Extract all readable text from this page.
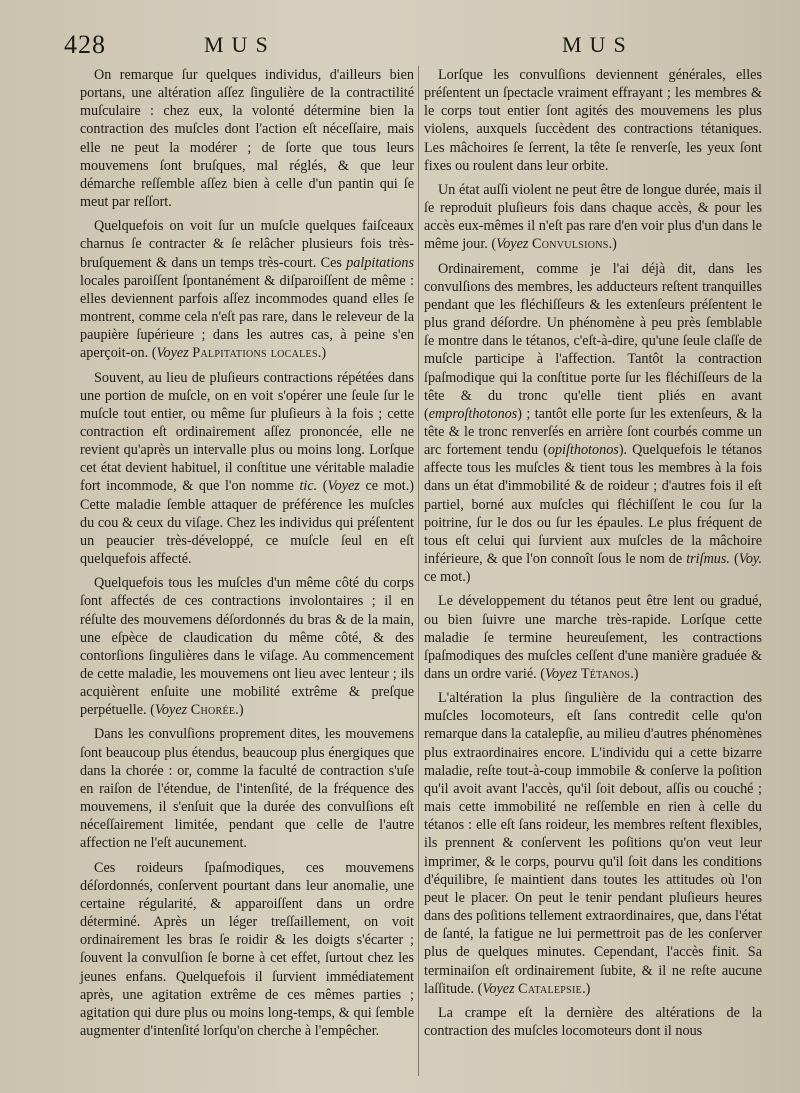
428	MUS	MUS

On remarque ſur quelques individus, d'ailleurs bien portans, une altération aſſez ſingulière de la contractilité muſculaire : chez eux, la volonté détermine bien la contraction des muſcles dont l'action eſt néceſſaire, mais elle ne peut la modérer ; de ſorte que tous leurs mouvemens ſont bruſques, mal réglés, & que leur démarche reſſemble aſſez bien à celle d'un pantin qui ſe meut par reſſort.

Quelquefois on voit ſur un muſcle quelques faiſceaux charnus ſe contracter & ſe relâcher plusieurs fois très-bruſquement & dans un temps très-court. Ces palpitations locales paroiſſent ſpontanément & diſparoiſſent de même : elles deviennent parfois aſſez incommodes quand elles ſe montrent, comme cela n'eſt pas rare, dans le releveur de la paupière ſupérieure ; dans les autres cas, à peine s'en aperçoit-on. (Voyez Palpitations locales.)

Souvent, au lieu de pluſieurs contractions répétées dans une portion de muſcle, on en voit s'opérer une ſeule ſur le muſcle tout entier, ou même ſur pluſieurs à la fois ; cette contraction eſt ordinairement aſſez prononcée, elle ne revient qu'après un intervalle plus ou moins long. Lorſque cet état devient habituel, il conſtitue une véritable maladie fort incommode, & que l'on nomme tic. (Voyez ce mot.) Cette maladie ſemble attaquer de préférence les muſcles du cou & ceux du viſage. Chez les individus qui préſentent un peaucier très-développé, ce muſcle ſeul en eſt quelquefois affecté.

Quelquefois tous les muſcles d'un même côté du corps ſont affectés de ces contractions involontaires ; il en réſulte des mouvemens déſordonnés du bras & de la main, une eſpèce de claudication du même côté, & des contorſions ſingulières dans le viſage. Au commencement de cette maladie, les mouvemens ont lieu avec lenteur ; ils acquièrent enſuite une mobilité extrême & preſque perpétuelle. (Voyez Chorée.)

Dans les convulſions proprement dites, les mouvemens ſont beaucoup plus étendus, beaucoup plus énergiques que dans la chorée : or, comme la faculté de contraction s'uſe en raiſon de l'étendue, de l'intenſité, de la fréquence des mouvemens, il s'enſuit que la durée des convulſions eſt néceſſairement limitée, pendant que celle de l'autre affection ne l'eſt aucunement.

Ces roideurs ſpaſmodiques, ces mouvemens déſordonnés, conſervent pourtant dans leur anomalie, une certaine régularité, & apparoiſſent dans un ordre déterminé. Après un léger treſſaillement, on voit ordinairement les bras ſe roidir & les doigts s'écarter ; ſouvent la convulſion ſe borne à cet effet, ſurtout chez les jeunes enfans. Quelquefois il ſurvient immédiatement après, une agitation extrême de ces mêmes parties ; agitation qui dure plus ou moins long-temps, & qui ſemble augmenter d'intenſité lorſqu'on cherche à l'empêcher.

Lorſque les convulſions deviennent générales, elles préſentent un ſpectacle vraiment effrayant ; les membres & le corps tout entier ſont agités des mouvemens les plus violens, auxquels ſuccèdent des contractions tétaniques. Les mâchoires ſe ſerrent, la tête ſe renverſe, les yeux ſont fixes ou roulent dans leur orbite.

Un état auſſi violent ne peut être de longue durée, mais il ſe reproduit pluſieurs fois dans chaque accès, & pour les accès eux-mêmes il n'eſt pas rare d'en voir plus d'un dans le même jour. (Voyez Convulsions.)

Ordinairement, comme je l'ai déjà dit, dans les convulſions des membres, les adducteurs reſtent tranquilles pendant que les fléchiſſeurs & les extenſeurs préſentent le plus grand déſordre. Un phénomène à peu près ſemblable ſe montre dans le tétanos, c'eſt-à-dire, qu'une ſeule claſſe de muſcle participe à l'affection. Tantôt la contraction ſpaſmodique qui la conſtitue porte ſur les fléchiſſeurs de la tête & du tronc qu'elle tient pliés en avant (emproſthotonos) ; tantôt elle porte ſur les extenſeurs, & la tête & le tronc renverſés en arrière ſont courbés comme un arc fortement tendu (opiſthotonos). Quelquefois le tétanos affecte tous les muſcles & tient tous les membres à la fois dans un état d'immobilité & de roideur ; d'autres fois il eſt partiel, borné aux muſcles qui fléchiſſent le cou ſur la poitrine, ſur le dos ou ſur les épaules. Le plus fréquent de tous eſt celui qui ſurvient aux muſcles de la mâchoire inférieure, & que l'on connoît ſous le nom de triſmus. (Voy. ce mot.)

Le développement du tétanos peut être lent ou gradué, ou bien ſuivre une marche très-rapide. Lorſque cette maladie ſe termine heureuſement, les contractions ſpaſmodiques des muſcles ceſſent d'une manière graduée & dans un ordre varié. (Voyez Tétanos.)

L'altération la plus ſingulière de la contraction des muſcles locomoteurs, eſt ſans contredit celle qu'on remarque dans la catalepſie, au milieu d'autres phénomènes plus extraordinaires encore. L'individu qui a cette bizarre maladie, reſte tout-à-coup immobile & conſerve la poſition qu'il avoit avant l'accès, qu'il ſoit debout, aſſis ou couché ; mais cette immobilité ne reſſemble en rien à celle du tétanos : elle eſt ſans roideur, les membres reſtent flexibles, ils prennent & conſervent les poſitions qu'on veut leur imprimer, & le corps, pourvu qu'il ſoit dans les conditions d'équilibre, ſe maintient dans toutes les attitudes où l'on peut le placer. On peut le tenir pendant pluſieurs heures dans des poſitions tellement extraordinaires, que, dans l'état de ſanté, la fatigue ne lui permettroit pas de les conſerver plus de quelques minutes. Cependant, l'accès finit. Sa terminaiſon eſt ordinairement ſubite, & il ne reſte aucune laſſitude. (Voyez Catalepsie.)

La crampe eſt la dernière des altérations de la contraction des muſcles locomoteurs dont il nous
